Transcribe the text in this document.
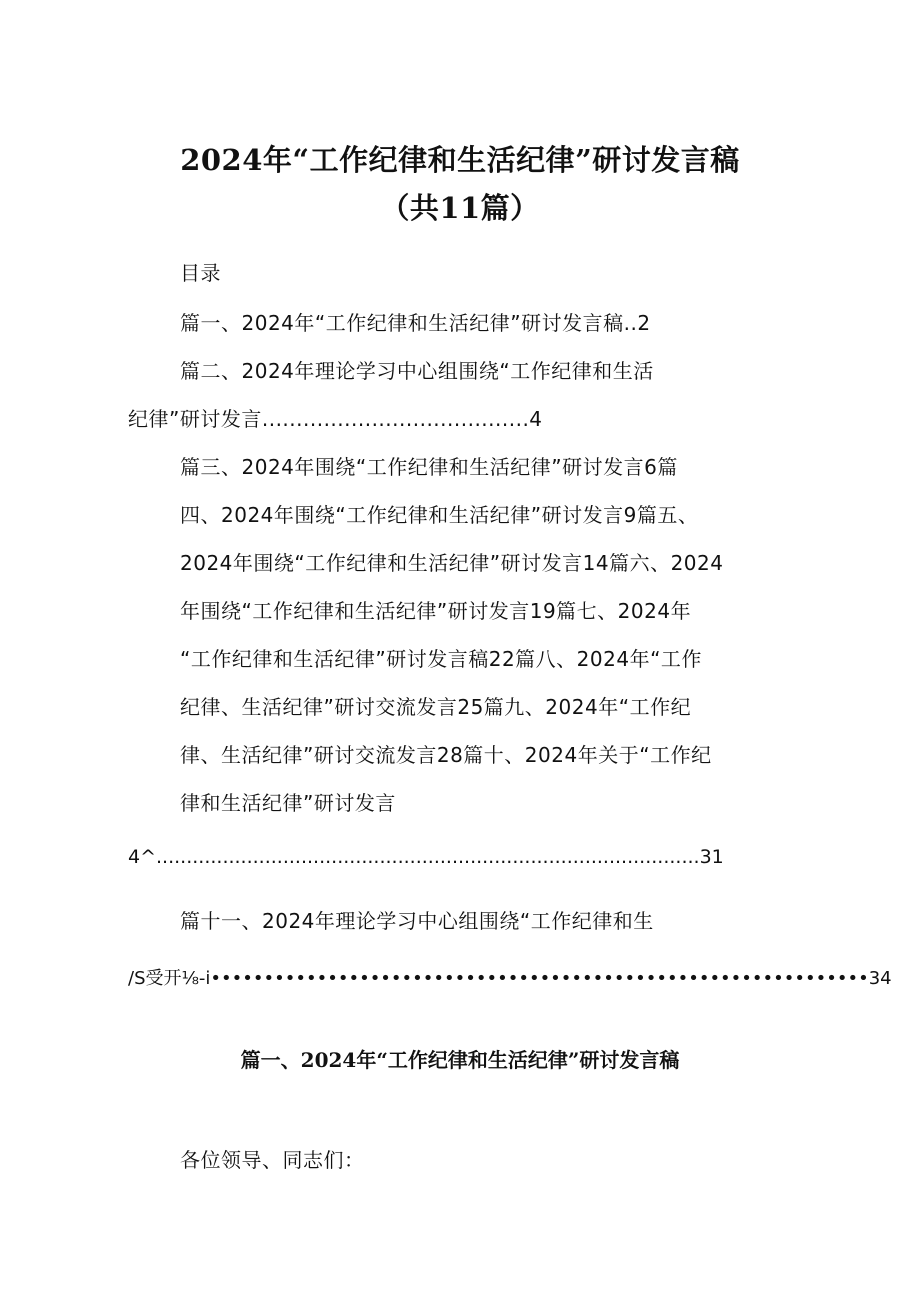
2024年“工作纪律和生活纪律”研讨发言稿
（共11篇）
目录
篇一、2024年“工作纪律和生活纪律”研讨发言稿..2
篇二、2024年理论学习中心组围绕“工作纪律和生活
纪律”研讨发言.......................................4
篇三、2024年围绕“工作纪律和生活纪律”研讨发言6篇
四、2024年围绕“工作纪律和生活纪律”研讨发言9篇五、
2024年围绕“工作纪律和生活纪律”研讨发言14篇六、2024
年围绕“工作纪律和生活纪律”研讨发言19篇七、2024年
“工作纪律和生活纪律”研讨发言稿22篇八、2024年“工作
纪律、生活纪律”研讨交流发言25篇九、2024年“工作纪
律、生活纪律”研讨交流发言28篇十、2024年关于“工作纪
律和生活纪律”研讨发言
4^..........................................................................................31
篇十一、2024年理论学习中心组围绕“工作纪律和生
/S受开⅛-i••••••••••••••••••••••••••••••••••••••••••••••••••••••••••••••34
篇一、2024年“工作纪律和生活纪律”研讨发言稿
各位领导、同志们：
